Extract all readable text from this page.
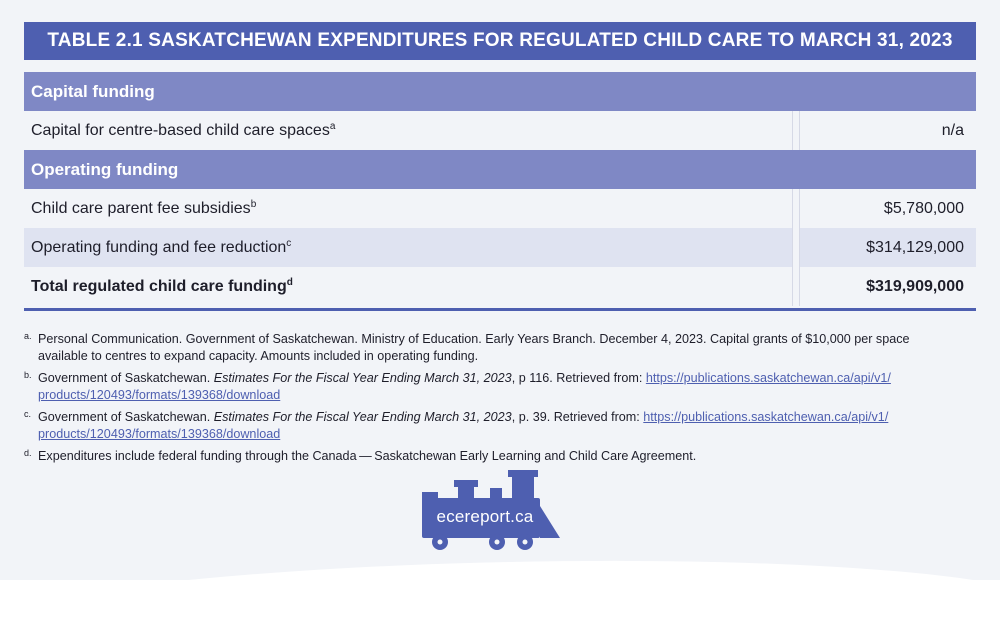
TABLE 2.1 SASKATCHEWAN EXPENDITURES FOR REGULATED CHILD CARE TO MARCH 31, 2023
Capital funding
Capital for centre-based child care spaces$^a$	n/a
Operating funding
Child care parent fee subsidies$^b$	$5,780,000
Operating funding and fee reduction$^c$	$314,129,000
Total regulated child care funding$^d$	$319,909,000
a. Personal Communication. Government of Saskatchewan. Ministry of Education. Early Years Branch. December 4, 2023. Capital grants of $10,000 per space available to centres to expand capacity. Amounts included in operating funding.
b. Government of Saskatchewan. Estimates For the Fiscal Year Ending March 31, 2023, p 116. Retrieved from: https://publications.saskatchewan.ca/api/v1/
products/120493/formats/139368/download
c. Government of Saskatchewan. Estimates For the Fiscal Year Ending March 31, 2023, p. 39. Retrieved from: https://publications.saskatchewan.ca/api/v1/
products/120493/formats/139368/download
d. Expenditures include federal funding through the Canada — Saskatchewan Early Learning and Child Care Agreement.
ecereport.ca
